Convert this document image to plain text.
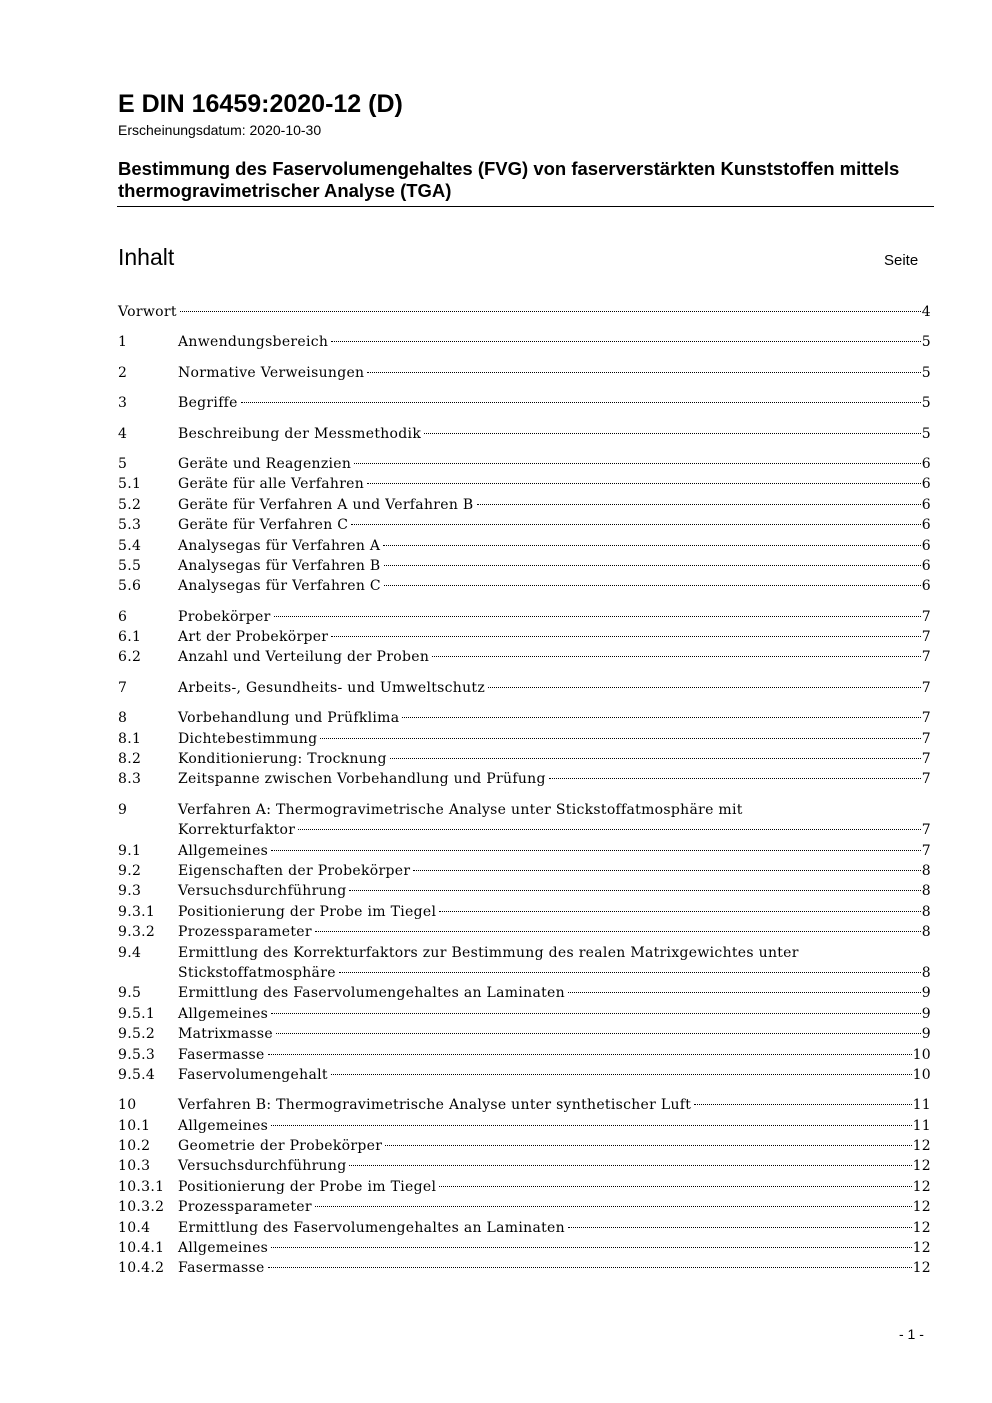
E DIN 16459:2020-12 (D)
Erscheinungsdatum: 2020-10-30
Bestimmung des Faservolumengehaltes (FVG) von faserverstärkten Kunststoffen mittels thermogravimetrischer Analyse (TGA)
Inhalt	Seite
Vorwort	4
1	Anwendungsbereich	5
2	Normative Verweisungen	5
3	Begriffe	5
4	Beschreibung der Messmethodik	5
5	Geräte und Reagenzien	6
5.1	Geräte für alle Verfahren	6
5.2	Geräte für Verfahren A und Verfahren B	6
5.3	Geräte für Verfahren C	6
5.4	Analysegas für Verfahren A	6
5.5	Analysegas für Verfahren B	6
5.6	Analysegas für Verfahren C	6
6	Probekörper	7
6.1	Art der Probekörper	7
6.2	Anzahl und Verteilung der Proben	7
7	Arbeits-, Gesundheits- und Umweltschutz	7
8	Vorbehandlung und Prüfklima	7
8.1	Dichtebestimmung	7
8.2	Konditionierung: Trocknung	7
8.3	Zeitspanne zwischen Vorbehandlung und Prüfung	7
9	Verfahren A: Thermogravimetrische Analyse unter Stickstoffatmosphäre mit
Korrekturfaktor	7
9.1	Allgemeines	7
9.2	Eigenschaften der Probekörper	8
9.3	Versuchsdurchführung	8
9.3.1	Positionierung der Probe im Tiegel	8
9.3.2	Prozessparameter	8
9.4	Ermittlung des Korrekturfaktors zur Bestimmung des realen Matrixgewichtes unter
Stickstoffatmosphäre	8
9.5	Ermittlung des Faservolumengehaltes an Laminaten	9
9.5.1	Allgemeines	9
9.5.2	Matrixmasse	9
9.5.3	Fasermasse	10
9.5.4	Faservolumengehalt	10
10	Verfahren B: Thermogravimetrische Analyse unter synthetischer Luft	11
10.1	Allgemeines	11
10.2	Geometrie der Probekörper	12
10.3	Versuchsdurchführung	12
10.3.1 Positionierung der Probe im Tiegel	12
10.3.2 Prozessparameter	12
10.4	Ermittlung des Faservolumengehaltes an Laminaten	12
10.4.1 Allgemeines	12
10.4.2 Fasermasse	12
- 1 -
